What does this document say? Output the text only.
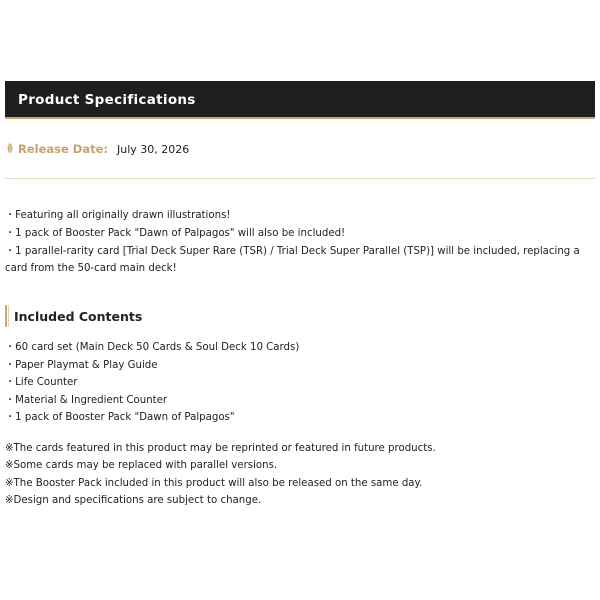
Product Specifications
Release Date: July 30, 2026
・Featuring all originally drawn illustrations!
・1 pack of Booster Pack "Dawn of Palpagos" will also be included!
・1 parallel-rarity card [Trial Deck Super Rare (TSR) / Trial Deck Super Parallel (TSP)] will be included, replacing a
card from the 50-card main deck!
Included Contents
・60 card set (Main Deck 50 Cards & Soul Deck 10 Cards)
・Paper Playmat & Play Guide
・Life Counter
・Material & Ingredient Counter
・1 pack of Booster Pack "Dawn of Palpagos"
※The cards featured in this product may be reprinted or featured in future products.
※Some cards may be replaced with parallel versions.
※The Booster Pack included in this product will also be released on the same day.
※Design and specifications are subject to change.
